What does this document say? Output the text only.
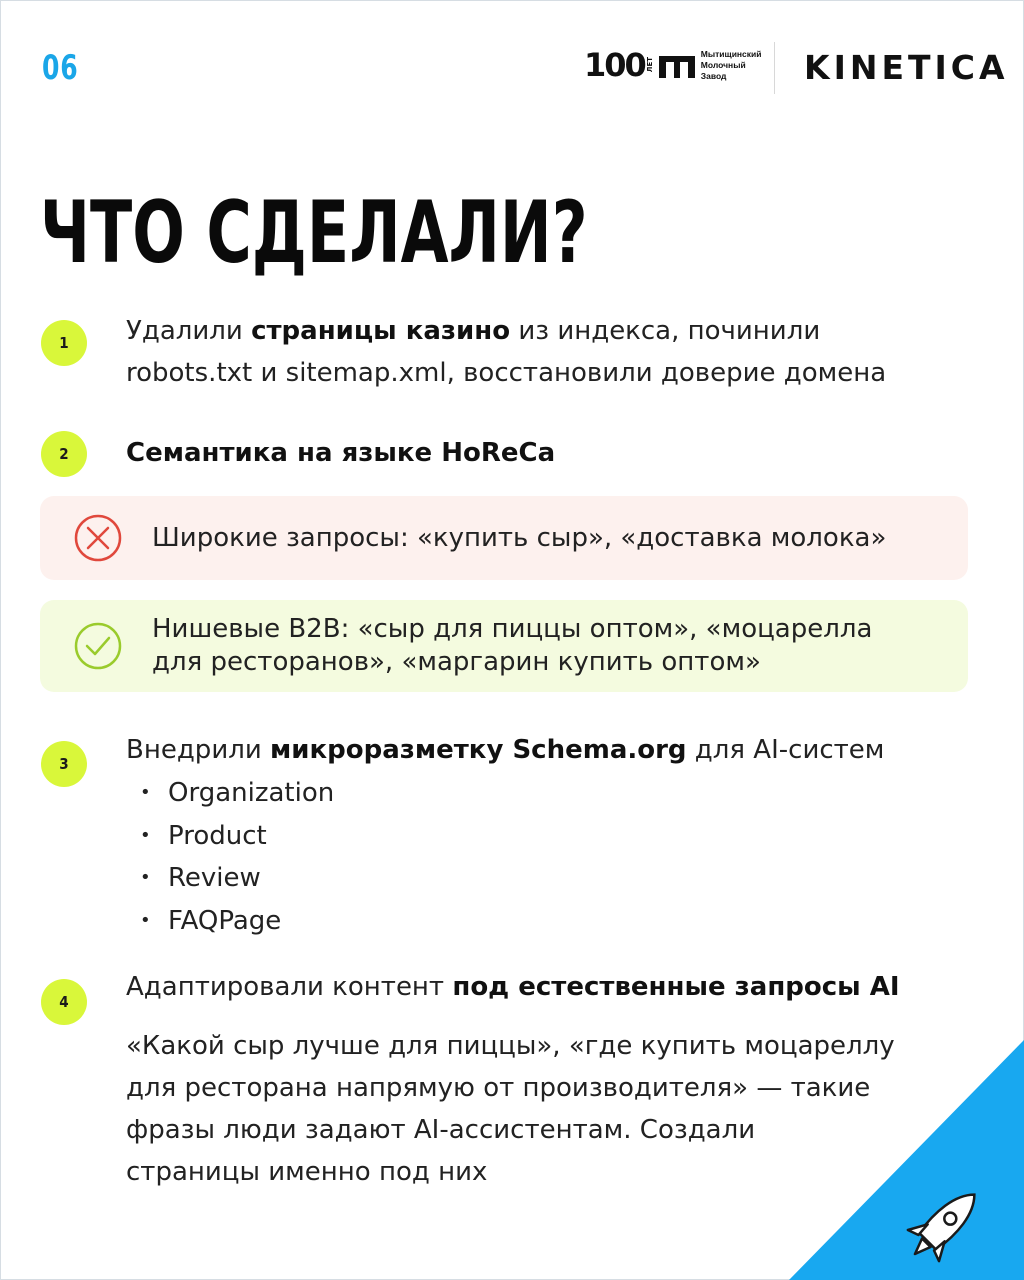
06	100 ЛЕТ
Мытищинский
Молочный
Завод	KINETICA
ЧТО СДЕЛАЛИ?
1	Удалили страницы казино из индекса, починили
robots.txt и sitemap.xml, восстановили доверие домена
2	Семантика на языке HoReCa
Широкие запросы: «купить сыр», «доставка молока»
Нишевые B2B: «сыр для пиццы оптом», «моцарелла
для ресторанов», «маргарин купить оптом»
3	Внедрили микроразметку Schema.org для AI-систем
• Organization
• Product
• Review
• FAQPage
4	Адаптировали контент под естественные запросы AI
«Какой сыр лучше для пиццы», «где купить моцареллу
для ресторана напрямую от производителя» — такие
фразы люди задают AI-ассистентам. Создали
страницы именно под них
